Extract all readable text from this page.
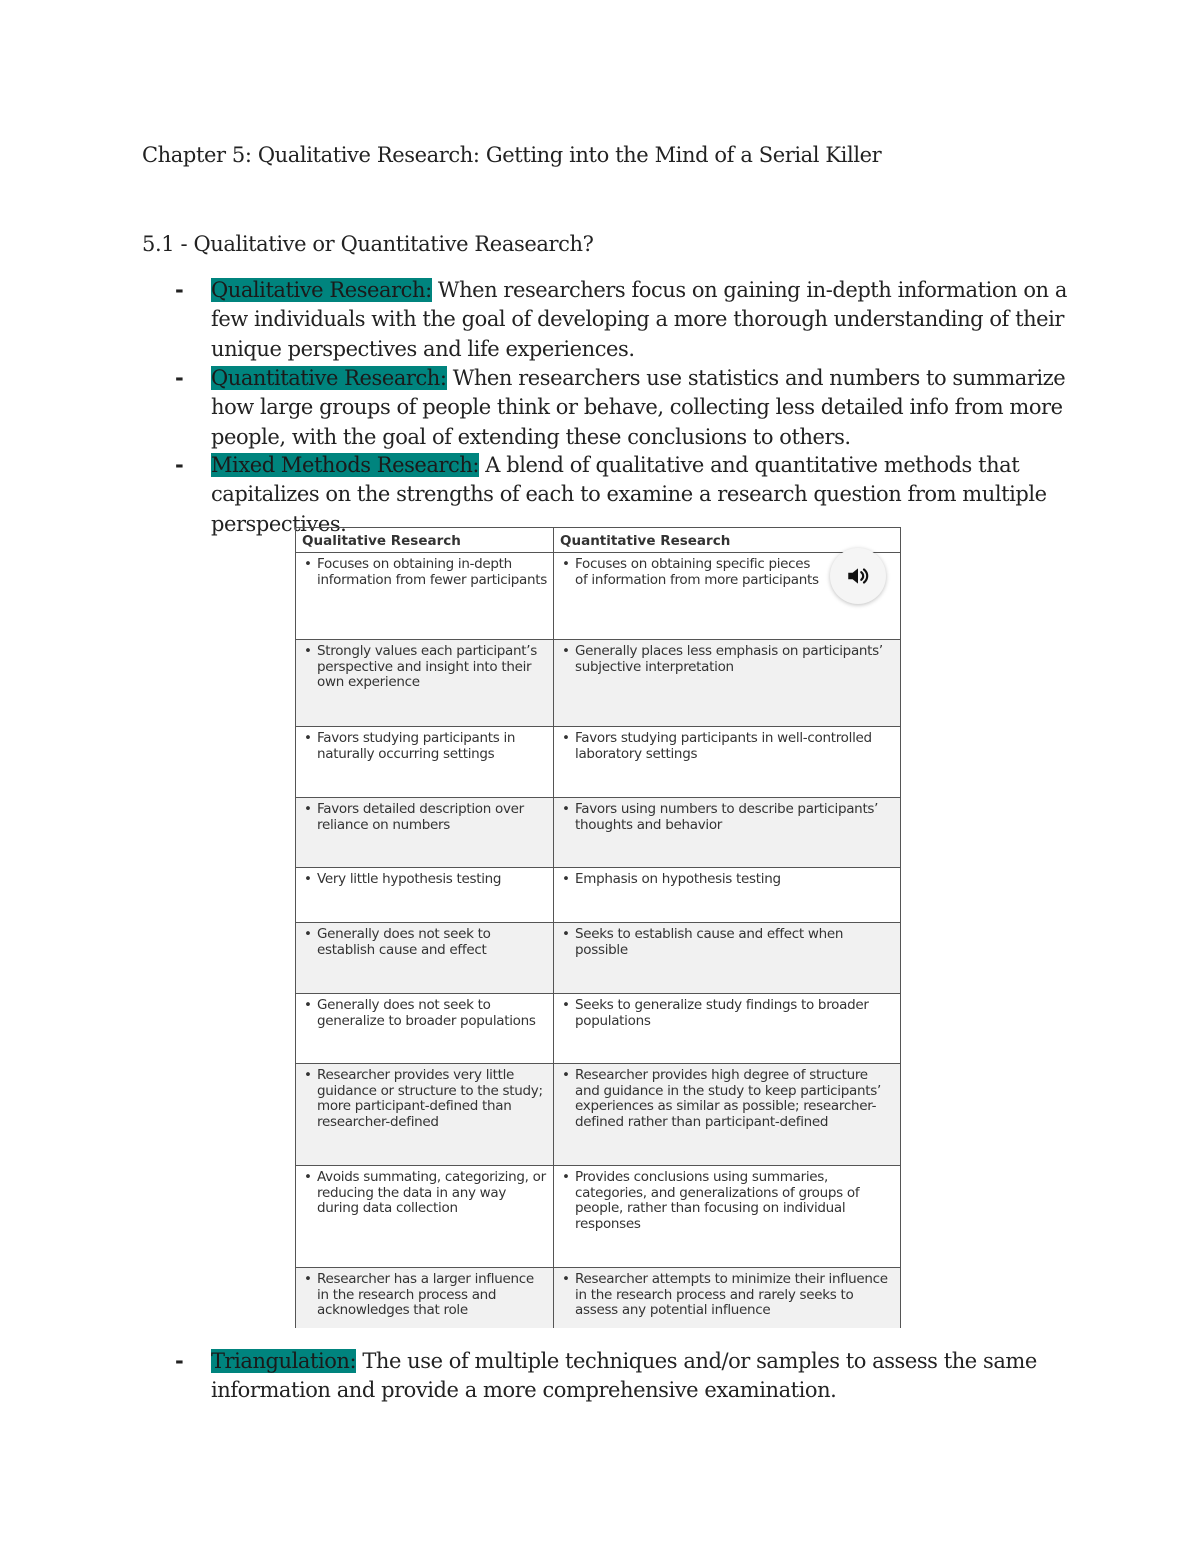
Chapter 5: Qualitative Research: Getting into the Mind of a Serial Killer
5.1 - Qualitative or Quantitative Reasearch?
- Qualitative Research: When researchers focus on gaining in-depth information on a few individuals with the goal of developing a more thorough understanding of their unique perspectives and life experiences.
- Quantitative Research: When researchers use statistics and numbers to summarize how large groups of people think or behave, collecting less detailed info from more people, with the goal of extending these conclusions to others.
- Mixed Methods Research: A blend of qualitative and quantitative methods that capitalizes on the strengths of each to examine a research question from multiple perspectives.
Qualitative Research	Quantitative Research
• Focuses on obtaining in-depth information from fewer participants
• Focuses on obtaining specific pieces of information from more participants
• Strongly values each participant’s perspective and insight into their own experience
• Generally places less emphasis on participants’ subjective interpretation
• Favors studying participants in naturally occurring settings
• Favors studying participants in well-controlled laboratory settings
• Favors detailed description over reliance on numbers
• Favors using numbers to describe participants’ thoughts and behavior
• Very little hypothesis testing
•	Emphasis on hypothesis testing
• Generally does not seek to establish cause and effect
• Seeks to establish cause and effect when possible
• Generally does not seek to generalize to broader populations
• Seeks to generalize study findings to broader populations
• Researcher provides very little guidance or structure to the study; more participant-defined than researcher-defined
• Researcher provides high degree of structure and guidance in the study to keep participants’ experiences as similar as possible; researcher-defined rather than participant-defined
• Avoids summating, categorizing, or reducing the data in any way during data collection
• Provides conclusions using summaries, categories, and generalizations of groups of people, rather than focusing on individual responses
• Researcher has a larger influence in the research process and acknowledges that role
• Researcher attempts to minimize their influence in the research process and rarely seeks to assess any potential influence
- Triangulation: The use of multiple techniques and/or samples to assess the same information and provide a more comprehensive examination.
